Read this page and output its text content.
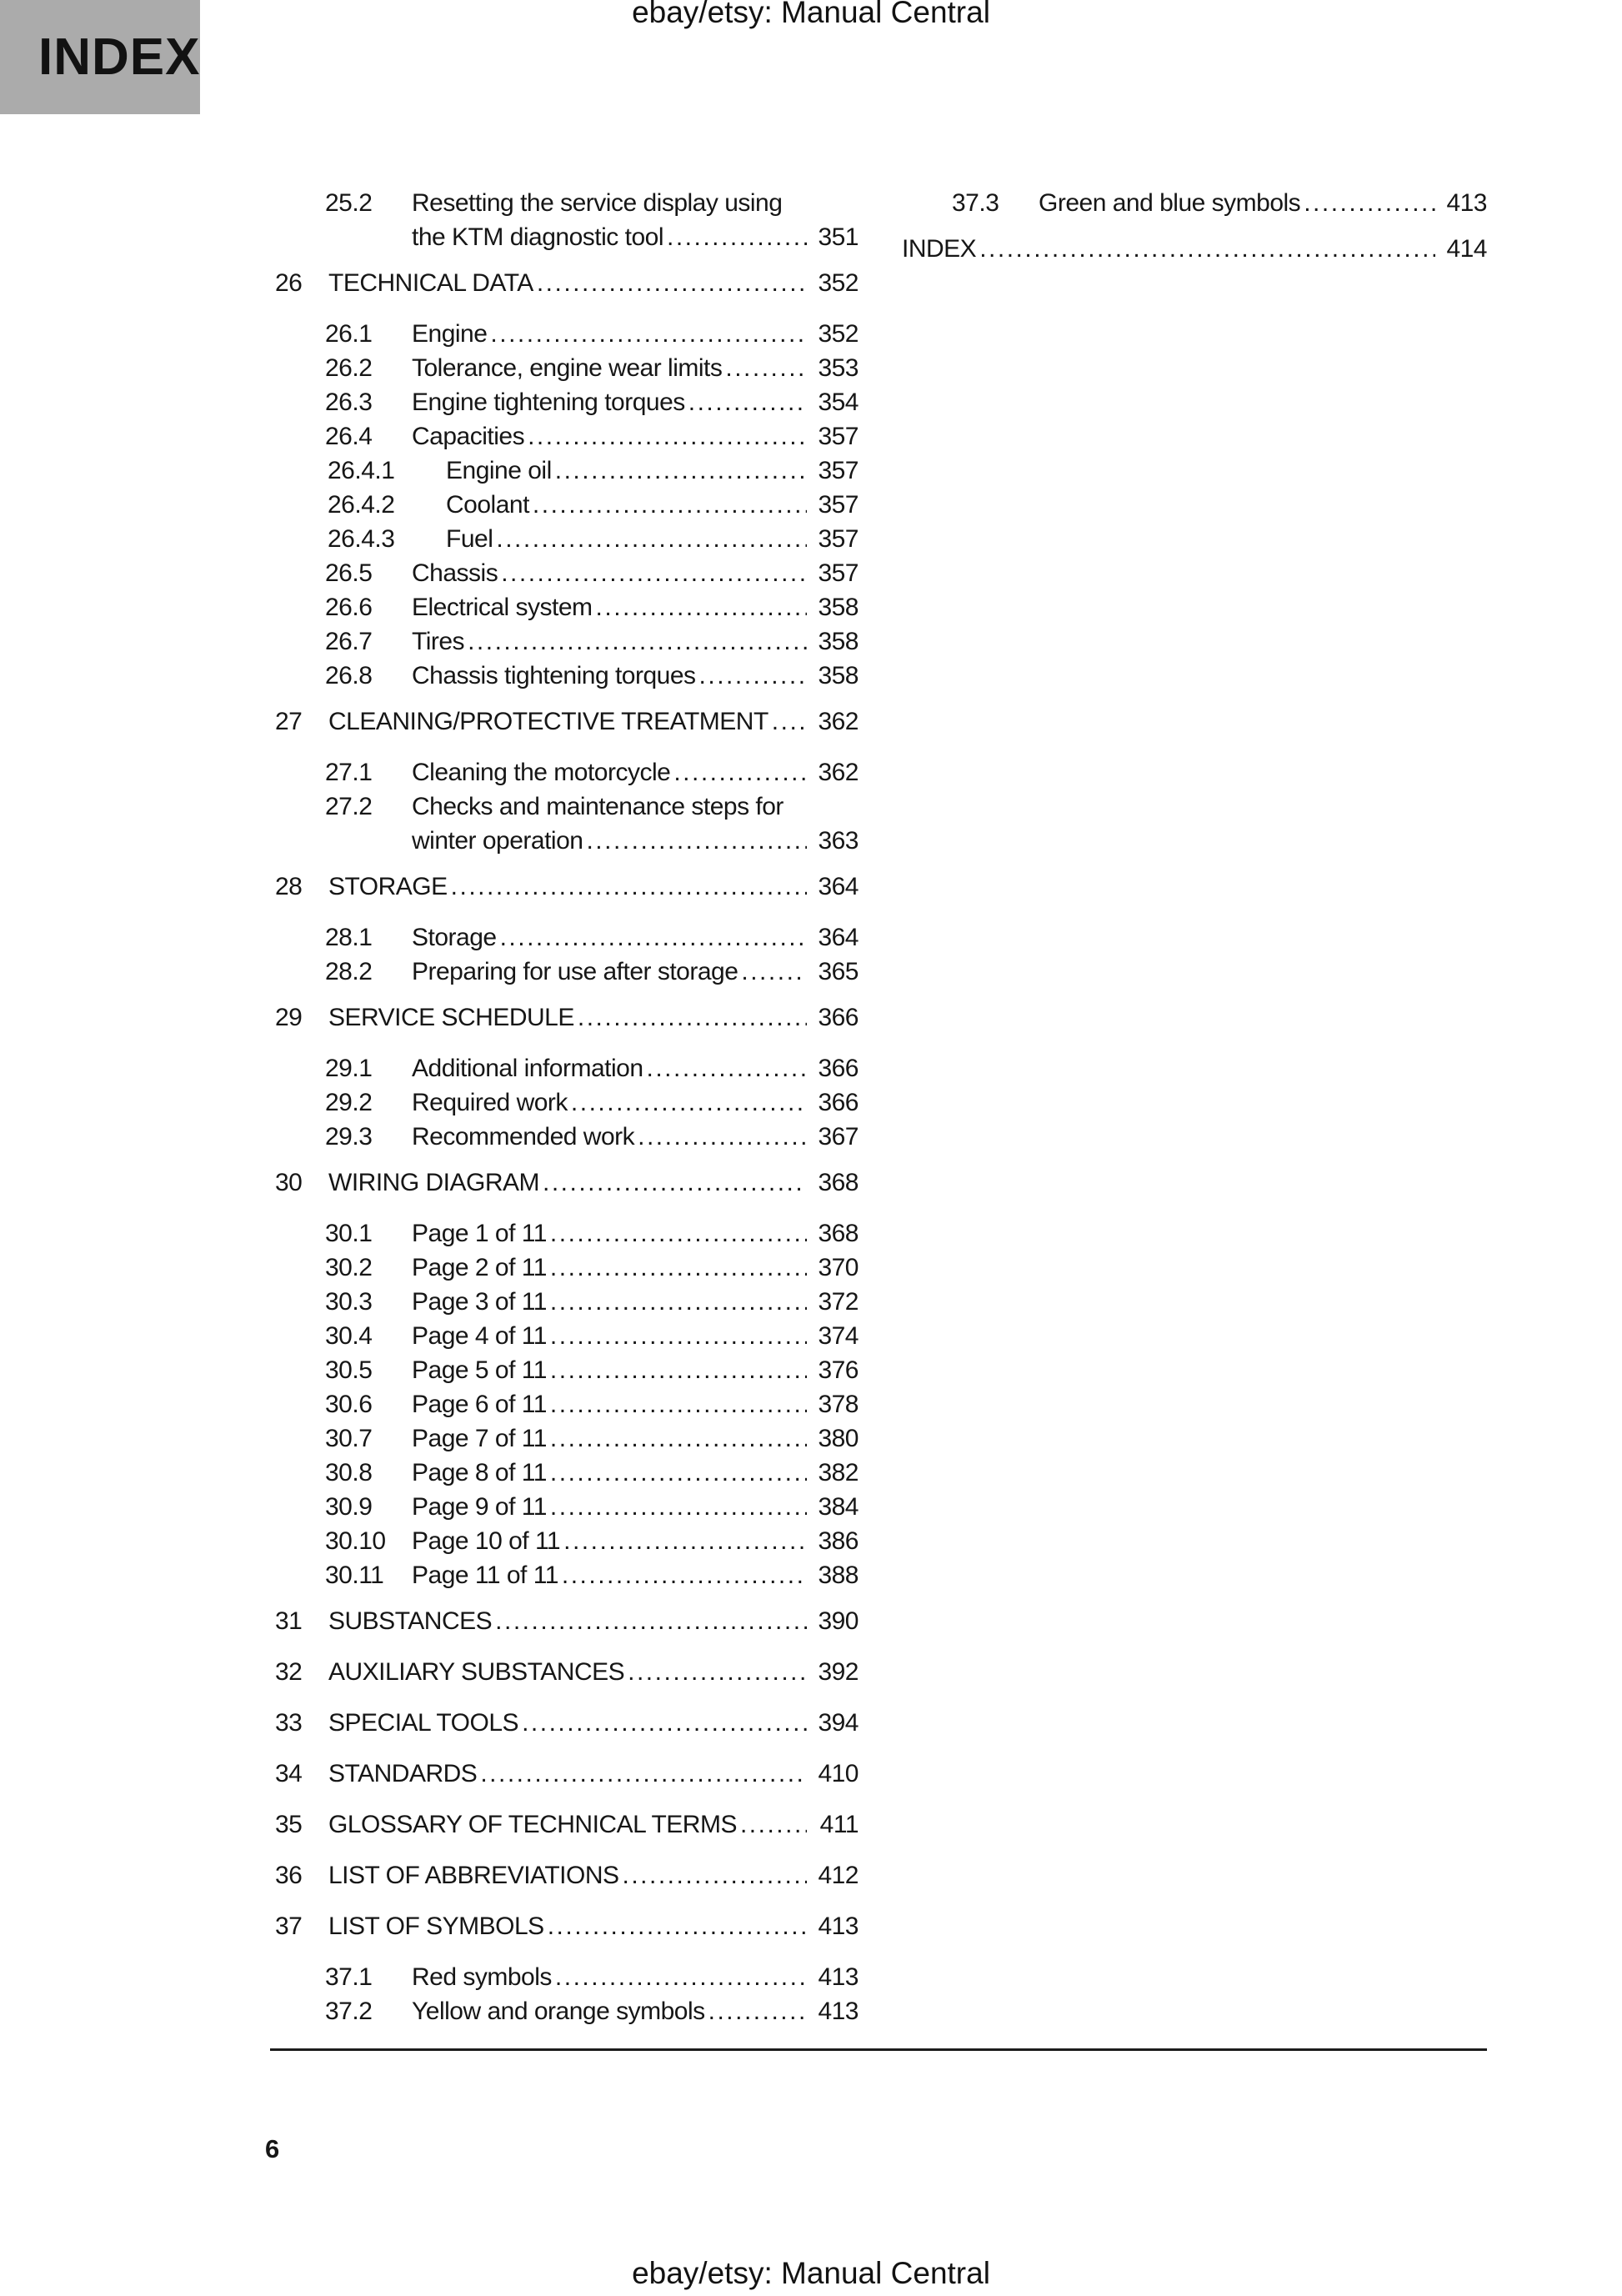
INDEX
ebay/etsy: Manual Central
25.2	Resetting the service display using
the KTM diagnostic tool .....	351
26	TECHNICAL DATA .....	352
26.1	Engine .....	352
26.2	Tolerance, engine wear limits .....	353
26.3	Engine tightening torques .....	354
26.4	Capacities .....	357
26.4.1	Engine oil .....	357
26.4.2	Coolant .....	357
26.4.3	Fuel .....	357
26.5	Chassis .....	357
26.6	Electrical system .....	358
26.7	Tires .....	358
26.8	Chassis tightening torques .....	358
27	CLEANING/PROTECTIVE TREATMENT ..... 362
27.1	Cleaning the motorcycle .....	362
27.2	Checks and maintenance steps for
winter operation .....	363
28	STORAGE .....	364
28.1	Storage .....	364
28.2	Preparing for use after storage .....	365
29	SERVICE SCHEDULE .....	366
29.1	Additional information .....	366
29.2	Required work .....	366
29.3	Recommended work .....	367
30	WIRING DIAGRAM .....	368
30.1	Page 1 of 11 .....	368
30.2	Page 2 of 11 .....	370
30.3	Page 3 of 11 .....	372
30.4	Page 4 of 11 .....	374
30.5	Page 5 of 11 .....	376
30.6	Page 6 of 11 .....	378
30.7	Page 7 of 11 .....	380
30.8	Page 8 of 11 .....	382
30.9	Page 9 of 11 .....	384
30.10	Page 10 of 11 .....	386
30.11	Page 11 of 11 .....	388
31	SUBSTANCES .....	390
32	AUXILIARY SUBSTANCES .....	392
33	SPECIAL TOOLS .....	394
34	STANDARDS .....	410
35	GLOSSARY OF TECHNICAL TERMS .....	411
36	LIST OF ABBREVIATIONS .....	412
37	LIST OF SYMBOLS .....	413
37.1	Red symbols .....	413
37.2	Yellow and orange symbols .....	413
37.3	Green and blue symbols .....	413
INDEX .....	414
6
ebay/etsy: Manual Central
